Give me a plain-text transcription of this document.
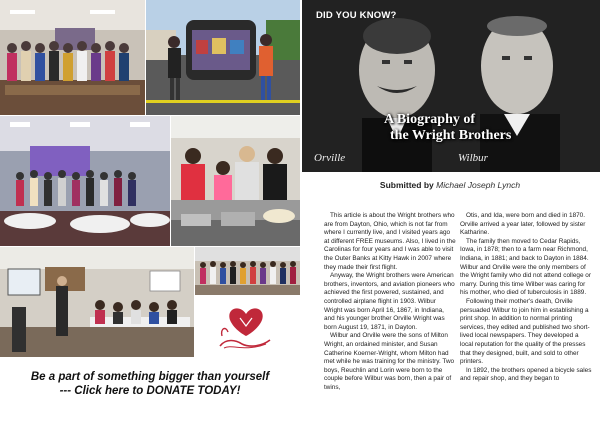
Be a part of something bigger than yourself
--- Click here to DONATE TODAY!
DID YOU KNOW?
A Biography of
the Wright Brothers
Orville	Wilbur
Submitted by Michael Joseph Lynch

This article is about the Wright brothers who are from Dayton, Ohio, which is not far from where I currently live, and I visited years ago at different FREE museums. Also, I lived in the Carolinas for four years and I was able to visit the Outer Banks at Kitty Hawk in 2007 where they made their first flight.

Anyway, the Wright brothers were American brothers, inventors, and aviation pioneers who achieved the first powered, sustained, and controlled airplane flight in 1903. Wilbur Wright was born April 16, 1867, in Indiana, and his younger brother Orville Wright was born August 19, 1871, in Dayton.

Wilbur and Orville were the sons of Milton Wright, an ordained minister, and Susan Catherine Koerner-Wright, whom Milton had met while he was training for the ministry. Two boys, Reuchlin and Lorin were born to the couple before Wilbur was born, then a pair of twins,

Otis, and Ida, were born and died in 1870. Orville arrived a year later, followed by sister Katharine.

The family then moved to Cedar Rapids, Iowa, in 1878; then to a farm near Richmond, Indiana, in 1881; and back to Dayton in 1884. Wilbur and Orville were the only members of the Wright family who did not attend college or marry. During this time Wilber was caring for his mother, who died of tuberculosis in 1889.

Following their mother's death, Orville persuaded Wilbur to join him in establishing a print shop. In addition to normal printing services, they edited and published two short-lived local newspapers. They developed a local reputation for the quality of the presses that they designed, built, and sold to other printers.

In 1892, the brothers opened a bicycle sales and repair shop, and they began to
